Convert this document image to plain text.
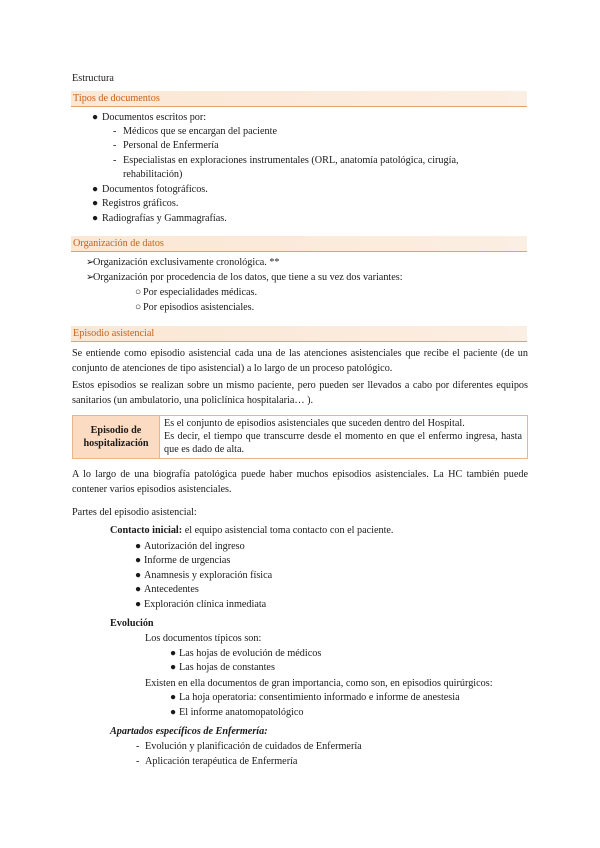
Estructura
Tipos de documentos
● Documentos escritos por:
- Médicos que se encargan del paciente
- Personal de Enfermería
- Especialistas en exploraciones instrumentales (ORL, anatomía patológica, cirugía,
rehabilitación)
● Documentos fotográficos.
● Registros gráficos.
● Radiografías y Gammagrafías.
Organización de datos
➢Organización exclusivamente cronológica. **
➢Organización por procedencia de los datos, que tiene a su vez dos variantes:
○ Por especialidades médicas.
○ Por episodios asistenciales.
Episodio asistencial
Se entiende como episodio asistencial cada una de las atenciones asistenciales que recibe el paciente (de un conjunto de atenciones de tipo asistencial) a lo largo de un proceso patológico.
Estos episodios se realizan sobre un mismo paciente, pero pueden ser llevados a cabo por diferentes equipos sanitarios (un ambulatorio, una policlínica hospitalaria… ).
Episodio de
hospitalización
Es el conjunto de episodios asistenciales que suceden dentro del Hospital.
Es decir, el tiempo que transcurre desde el momento en que el enfermo ingresa, hasta que es dado de alta.
A lo largo de una biografía patológica puede haber muchos episodios asistenciales. La HC también puede contener varios episodios asistenciales.
Partes del episodio asistencial:
Contacto inicial: el equipo asistencial toma contacto con el paciente.
● Autorización del ingreso
● Informe de urgencias
● Anamnesis y exploración física
● Antecedentes
● Exploración clínica inmediata
Evolución
Los documentos típicos son:
● Las hojas de evolución de médicos
● Las hojas de constantes
Existen en ella documentos de gran importancia, como son, en episodios quirúrgicos:
● La hoja operatoria: consentimiento informado e informe de anestesia
● El informe anatomopatológico
Apartados específicos de Enfermería:
- Evolución y planificación de cuidados de Enfermería
- Aplicación terapéutica de Enfermería
